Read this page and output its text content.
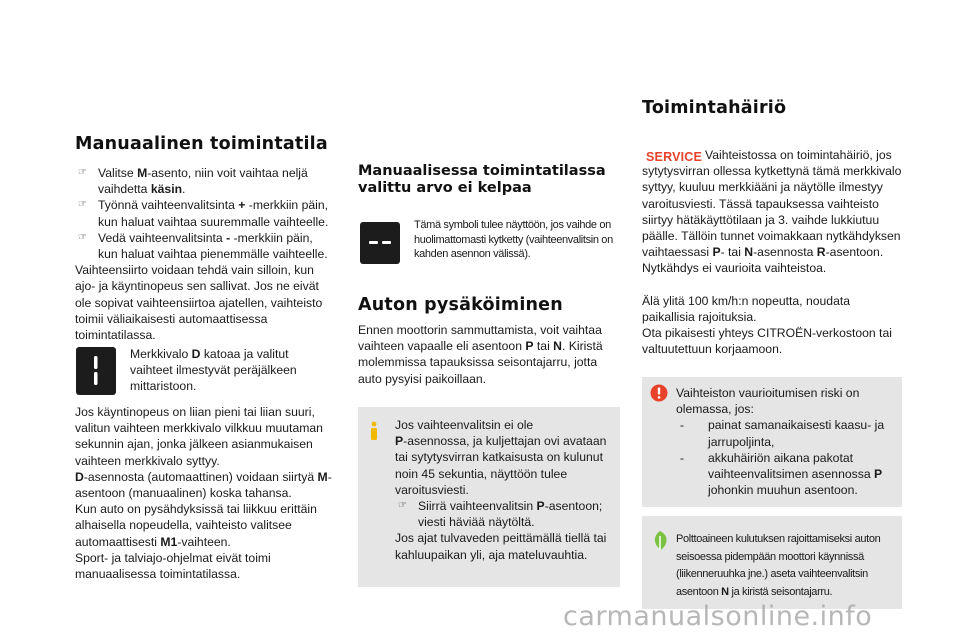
Manuaalinen toimintatila
☞ Valitse M-asento, niin voit vaihtaa neljä vaihdetta käsin.
☞ Työnnä vaihteenvalitsinta + -merkkiin päin, kun haluat vaihtaa suuremmalle vaihteelle.
☞ Vedä vaihteenvalitsinta - -merkkiin päin, kun haluat vaihtaa pienemmälle vaihteelle.
Vaihteensiirto voidaan tehdä vain silloin, kun ajo- ja käyntinopeus sen sallivat. Jos ne eivät ole sopivat vaihteensiirtoa ajatellen, vaihteisto toimii väliaikaisesti automaattisessa toimintatilassa.
Merkkivalo D katoaa ja valitut vaihteet ilmestyvät peräjälkeen mittaristoon.
Jos käyntinopeus on liian pieni tai liian suuri, valitun vaihteen merkkivalo vilkkuu muutaman sekunnin ajan, jonka jälkeen asianmukaisen vaihteen merkkivalo syttyy.
D-asennosta (automaattinen) voidaan siirtyä M-asentoon (manuaalinen) koska tahansa.
Kun auto on pysähdyksissä tai liikkuu erittäin alhaisella nopeudella, vaihteisto valitsee automaattisesti M1-vaihteen.
Sport- ja talviajo-ohjelmat eivät toimi manuaalisessa toimintatilassa.
Manuaalisessa toimintatilassa valittu arvo ei kelpaa
Tämä symboli tulee näyttöön, jos vaihde on huolimattomasti kytketty (vaihteenvalitsin on kahden asennon välissä).
Auton pysäköiminen
Ennen moottorin sammuttamista, voit vaihtaa vaihteen vapaalle eli asentoon P tai N. Kiristä molemmissa tapauksissa seisontajarru, jotta auto pysyisi paikoillaan.
Jos vaihteenvalitsin ei ole
P-asennossa, ja kuljettajan ovi avataan tai sytytysvirran katkaisusta on kulunut noin 45 sekuntia, näyttöön tulee varoitusviesti.
☞ Siirrä vaihteenvalitsin P-asentoon; viesti häviää näytöltä.
Jos ajat tulvaveden peittämällä tiellä tai kahluupaikan yli, aja mateluvauhtia.
Toimintahäiriö
SERVICE Vaihteistossa on toimintahäiriö, jos sytytysvirran ollessa kytkettynä tämä merkkivalo syttyy, kuuluu merkkiääni ja näytölle ilmestyy varoitusviesti. Tässä tapauksessa vaihteisto siirtyy hätäkäyttötilaan ja 3. vaihde lukkiutuu päälle. Tällöin tunnet voimakkaan nytkähdyksen vaihtaessasi P- tai N-asennosta R-asentoon. Nytkähdys ei vaurioita vaihteistoa.
Älä ylitä 100 km/h:n nopeutta, noudata paikallisia rajoituksia.
Ota pikaisesti yhteys CITROËN-verkostoon tai valtuutettuun korjaamoon.
Vaihteiston vaurioitumisen riski on olemassa, jos:
- painat samanaikaisesti kaasu- ja jarrupoljinta,
- akkuhäiriön aikana pakotat vaihteenvalitsimen asennossa P johonkin muuhun asentoon.
Polttoaineen kulutuksen rajoittamiseksi auton seisoessa pidempään moottori käynnissä (liikenneruuhka jne.) aseta vaihteenvalitsin asentoon N ja kiristä seisontajarru.
carmanualsonline.info
